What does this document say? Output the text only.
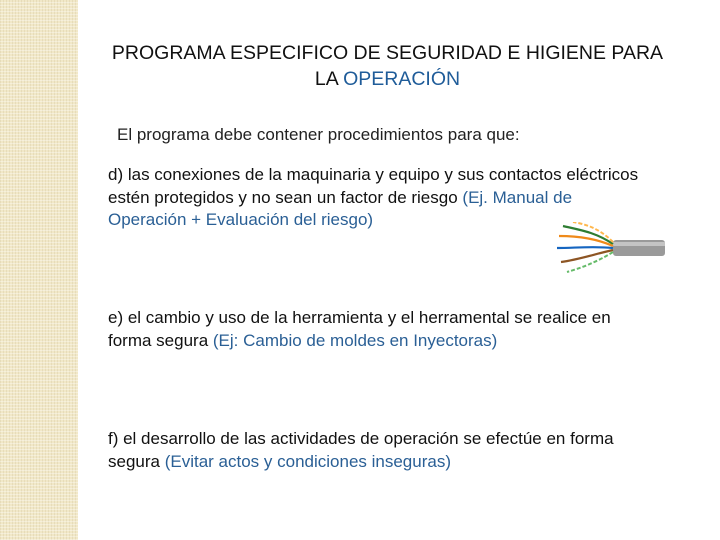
PROGRAMA ESPECIFICO DE SEGURIDAD E HIGIENE PARA LA OPERACIÓN
El programa debe contener procedimientos para que:
d) las conexiones de la maquinaria y equipo y sus contactos eléctricos estén protegidos y no sean un factor de riesgo (Ej. Manual de Operación + Evaluación del riesgo)
e) el cambio y uso de la herramienta y el herramental se realice en forma segura (Ej: Cambio de moldes en Inyectoras)
f) el desarrollo de las actividades de operación se efectúe en forma segura (Evitar actos y condiciones inseguras)
